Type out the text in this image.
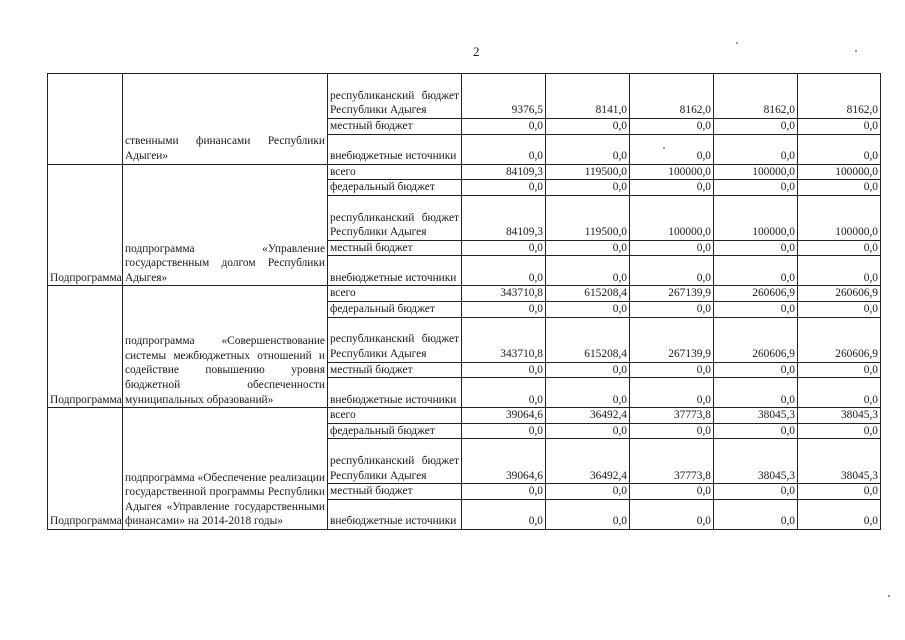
2
	ственными финансами Республики Адыгеи»	республиканский бюджет Республики Адыгея	9376,5	8141,0	8162,0	8162,0	8162,0
		местный бюджет	0,0	0,0	0,0	0,0	0,0
		внебюджетные источники	0,0	0,0	0,0	0,0	0,0
Подпрограмма	подпрограмма «Управление государственным долгом Республики Адыгея»	всего	84109,3	119500,0	100000,0	100000,0	100000,0
		федеральный бюджет	0,0	0,0	0,0	0,0	0,0
		республиканский бюджет Республики Адыгея	84109,3	119500,0	100000,0	100000,0	100000,0
		местный бюджет	0,0	0,0	0,0	0,0	0,0
		внебюджетные источники	0,0	0,0	0,0	0,0	0,0
Подпрограмма	подпрограмма «Совершенствование системы межбюджетных отношений и содействие повышению уровня бюджетной обеспеченности муниципальных образований»	всего	343710,8	615208,4	267139,9	260606,9	260606,9
		федеральный бюджет	0,0	0,0	0,0	0,0	0,0
		республиканский бюджет Республики Адыгея	343710,8	615208,4	267139,9	260606,9	260606,9
		местный бюджет	0,0	0,0	0,0	0,0	0,0
		внебюджетные источники	0,0	0,0	0,0	0,0	0,0
Подпрограмма	подпрограмма «Обеспечение реализации государственной программы Республики Адыгея «Управление государственными финансами» на 2014-2018 годы»	всего	39064,6	36492,4	37773,8	38045,3	38045,3
		федеральный бюджет	0,0	0,0	0,0	0,0	0,0
		республиканский бюджет Республики Адыгея	39064,6	36492,4	37773,8	38045,3	38045,3
		местный бюджет	0,0	0,0	0,0	0,0	0,0
		внебюджетные источники	0,0	0,0	0,0	0,0	0,0
